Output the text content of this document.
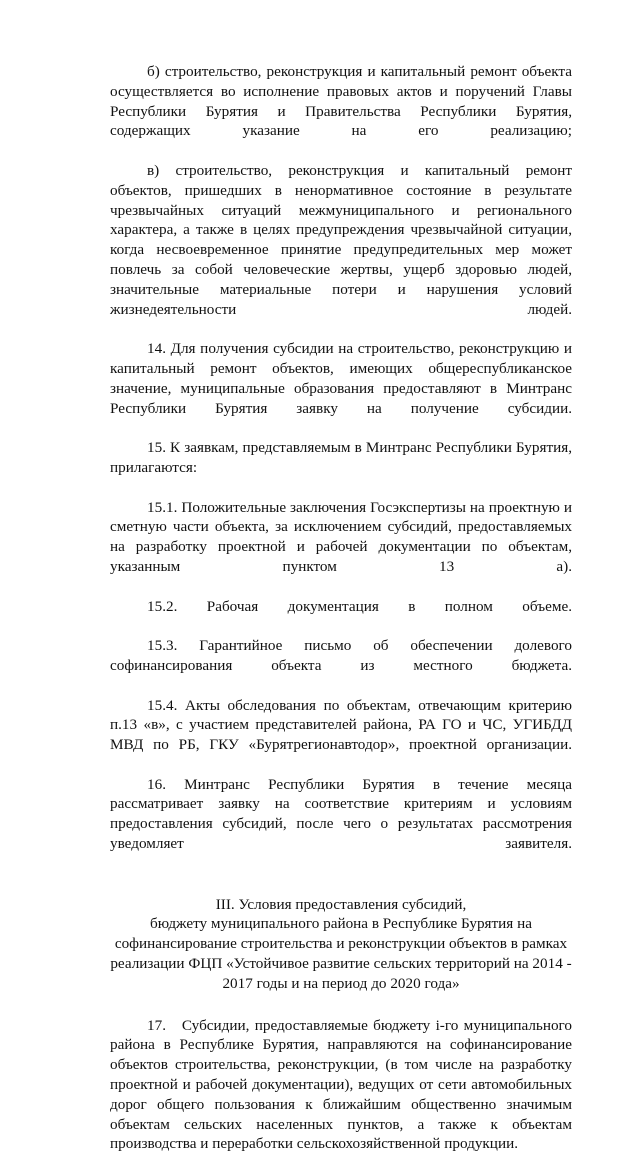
б) строительство, реконструкция и капитальный ремонт объекта осуществляется во исполнение правовых актов и поручений Главы Республики Бурятия и Правительства Республики Бурятия, содержащих указание на его реализацию;

в) строительство, реконструкция и капитальный ремонт объектов, пришедших в ненормативное состояние в результате чрезвычайных ситуаций межмуниципального и регионального характера, а также в целях предупреждения чрезвычайной ситуации, когда несвоевременное принятие предупредительных мер может повлечь за собой человеческие жертвы, ущерб здоровью людей, значительные материальные потери и нарушения условий жизнедеятельности людей.

14. Для получения субсидии на строительство, реконструкцию и капитальный ремонт объектов, имеющих общереспубликанское значение, муниципальные образования предоставляют в Минтранс Республики Бурятия заявку на получение субсидии.

15. К заявкам, представляемым в Минтранс Республики Бурятия, прилагаются:

15.1. Положительные заключения Госэкспертизы на проектную и сметную части объекта, за исключением субсидий, предоставляемых на разработку проектной и рабочей документации по объектам, указанным пунктом 13 а).

15.2. Рабочая документация в полном объеме.

15.3. Гарантийное письмо об обеспечении долевого софинансирования объекта из местного бюджета.

15.4. Акты обследования по объектам, отвечающим критерию п.13 «в», с участием представителей района, РА ГО и ЧС, УГИБДД МВД по РБ, ГКУ «Бурятрегионавтодор», проектной организации.

16. Минтранс Республики Бурятия в течение месяца рассматривает заявку на соответствие критериям и условиям предоставления субсидий, после чего о результатах рассмотрения уведомляет заявителя.

III. Условия предоставления субсидий,
бюджету муниципального района в Республике Бурятия на
софинансирование строительства и реконструкции объектов в рамках
реализации ФЦП «Устойчивое развитие сельских территорий на 2014 -
2017 годы и на период до 2020 года»

17.   Субсидии, предоставляемые бюджету i-го муниципального района в Республике Бурятия, направляются на софинансирование объектов строительства, реконструкции, (в том числе на разработку проектной и рабочей документации), ведущих от сети автомобильных дорог общего пользования к ближайшим общественно значимым объектам сельских населенных пунктов, а также к объектам производства и переработки сельскохозяйственной продукции.
